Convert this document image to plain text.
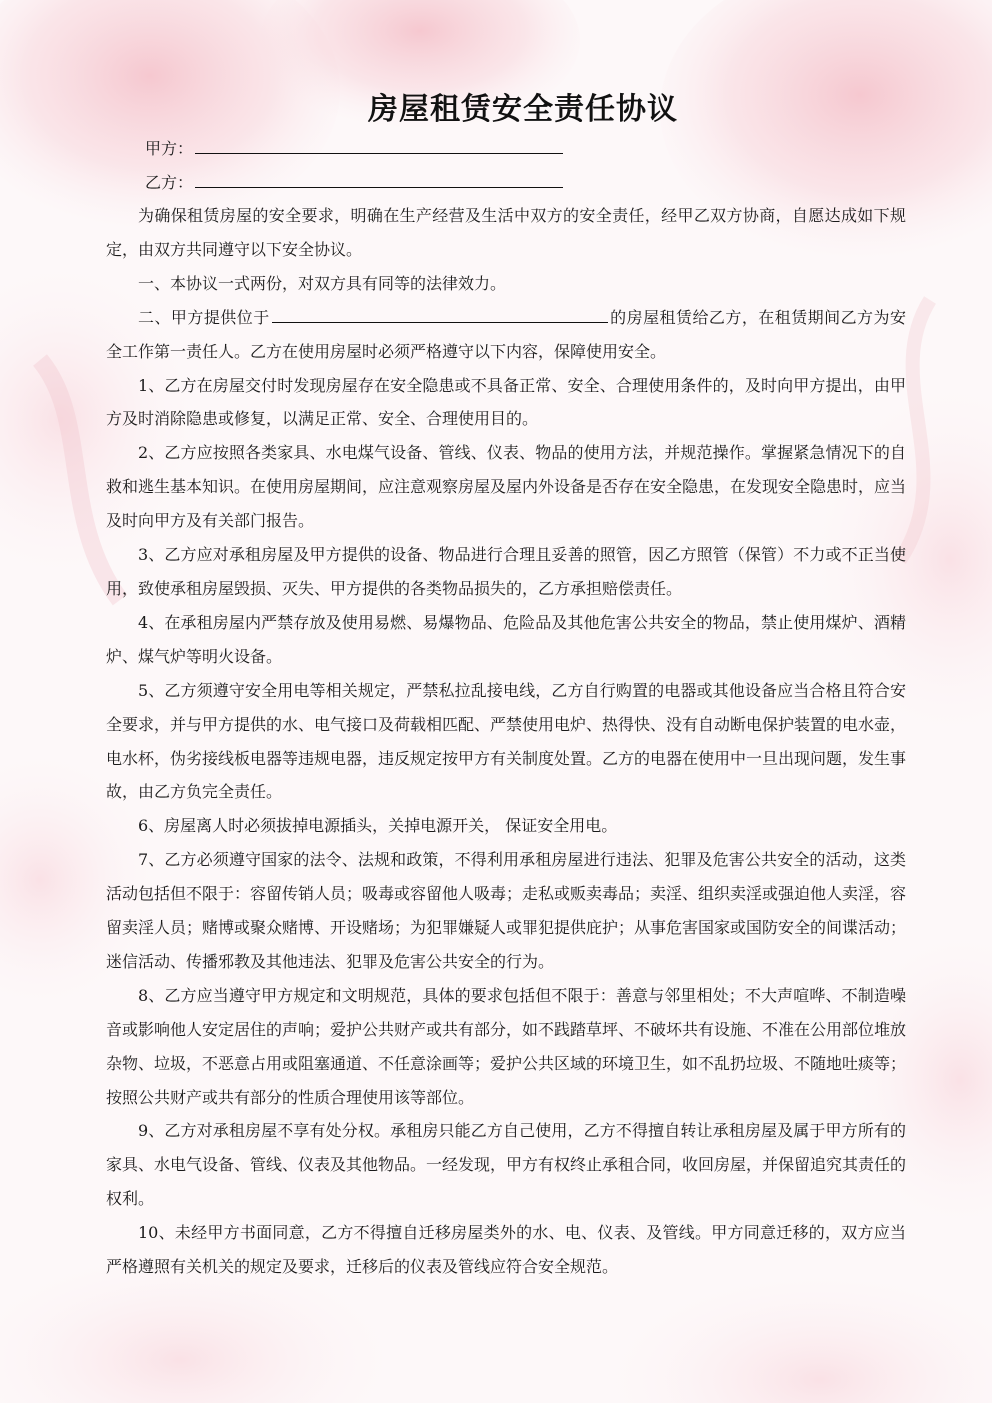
房屋租赁安全责任协议
甲方：
乙方：

为确保租赁房屋的安全要求，明确在生产经营及生活中双方的安全责任，经甲乙双方协商，自愿达成如下规定，由双方共同遵守以下安全协议。

一、本协议一式两份，对双方具有同等的法律效力。

二、甲方提供位于	的房屋租赁给乙方，在租赁期间乙方为安全工作第一责任人。乙方在使用房屋时必须严格遵守以下内容，保障使用安全。

1、乙方在房屋交付时发现房屋存在安全隐患或不具备正常、安全、合理使用条件的，及时向甲方提出，由甲方及时消除隐患或修复，以满足正常、安全、合理使用目的。

2、乙方应按照各类家具、水电煤气设备、管线、仪表、物品的使用方法，并规范操作。掌握紧急情况下的自救和逃生基本知识。在使用房屋期间，应注意观察房屋及屋内外设备是否存在安全隐患，在发现安全隐患时，应当及时向甲方及有关部门报告。

3、乙方应对承租房屋及甲方提供的设备、物品进行合理且妥善的照管，因乙方照管（保管）不力或不正当使用，致使承租房屋毁损、灭失、甲方提供的各类物品损失的，乙方承担赔偿责任。

4、在承租房屋内严禁存放及使用易燃、易爆物品、危险品及其他危害公共安全的物品，禁止使用煤炉、酒精炉、煤气炉等明火设备。

5、乙方须遵守安全用电等相关规定，严禁私拉乱接电线，乙方自行购置的电器或其他设备应当合格且符合安全要求，并与甲方提供的水、电气接口及荷载相匹配、严禁使用电炉、热得快、没有自动断电保护装置的电水壶，电水杯，伪劣接线板电器等违规电器，违反规定按甲方有关制度处置。乙方的电器在使用中一旦出现问题，发生事故，由乙方负完全责任。

6、房屋离人时必须拔掉电源插头，关掉电源开关， 保证安全用电。

7、乙方必须遵守国家的法令、法规和政策，不得利用承租房屋进行违法、犯罪及危害公共安全的活动，这类活动包括但不限于：容留传销人员；吸毒或容留他人吸毒；走私或贩卖毒品；卖淫、组织卖淫或强迫他人卖淫，容留卖淫人员；赌博或聚众赌博、开设赌场；为犯罪嫌疑人或罪犯提供庇护；从事危害国家或国防安全的间谍活动；迷信活动、传播邪教及其他违法、犯罪及危害公共安全的行为。

8、乙方应当遵守甲方规定和文明规范，具体的要求包括但不限于：善意与邻里相处；不大声喧哗、不制造噪音或影响他人安定居住的声响；爱护公共财产或共有部分，如不践踏草坪、不破坏共有设施、不准在公用部位堆放杂物、垃圾，不恶意占用或阻塞通道、不任意涂画等；爱护公共区域的环境卫生，如不乱扔垃圾、不随地吐痰等；按照公共财产或共有部分的性质合理使用该等部位。

9、乙方对承租房屋不享有处分权。承租房只能乙方自己使用，乙方不得擅自转让承租房屋及属于甲方所有的家具、水电气设备、管线、仪表及其他物品。一经发现，甲方有权终止承租合同，收回房屋，并保留追究其责任的权利。

10、未经甲方书面同意，乙方不得擅自迁移房屋类外的水、电、仪表、及管线。甲方同意迁移的，双方应当严格遵照有关机关的规定及要求，迁移后的仪表及管线应符合安全规范。
